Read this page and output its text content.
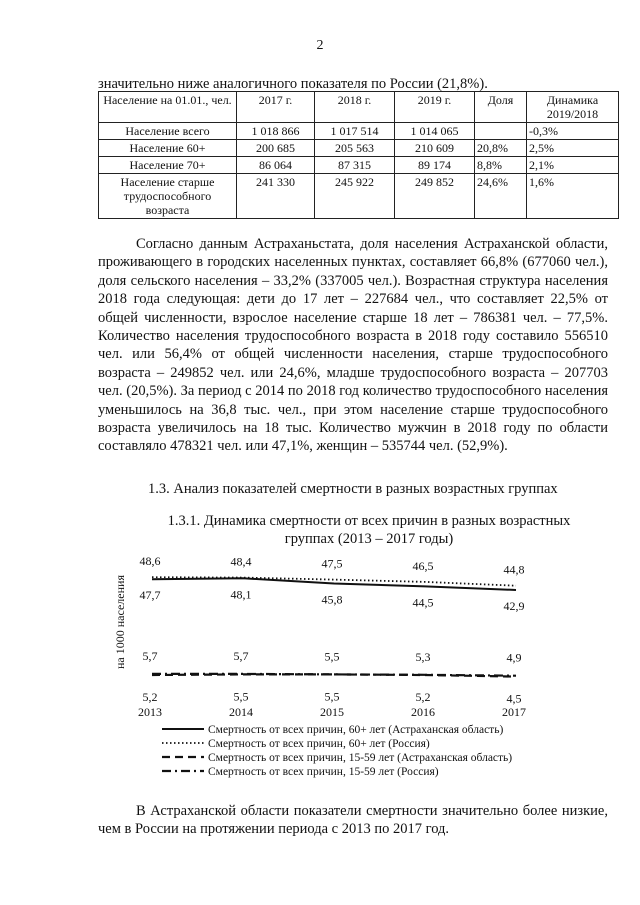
2
значительно ниже аналогичного показателя по России (21,8%).
Население на 01.01., чел.	2017 г.	2018 г.	2019 г.	Доля	Динамика 2019/2018
Население всего	1 018 866	1 017 514	1 014 065		-0,3%
Население 60+	200 685	205 563	210 609	20,8%	2,5%
Население 70+	86 064	87 315	89 174	8,8%	2,1%
Население старше трудоспособного возраста	241 330	245 922	249 852	24,6%	1,6%
Согласно данным Астраханьстата, доля населения Астраханской области, проживающего в городских населенных пунктах, составляет 66,8% (677060 чел.), доля сельского населения – 33,2% (337005 чел.). Возрастная структура населения 2018 года следующая: дети до 17 лет – 227684 чел., что составляет 22,5% от общей численности, взрослое население старше 18 лет – 786381 чел. – 77,5%. Количество населения трудоспособного возраста в 2018 году составило 556510 чел. или 56,4% от общей численности населения, старше трудоспособного возраста – 249852 чел. или 24,6%, младше трудоспособного возраста – 207703 чел. (20,5%). За период с 2014 по 2018 год количество трудоспособного населения уменьшилось на 36,8 тыс. чел., при этом население старше трудоспособного возраста увеличилось на 18 тыс. Количество мужчин в 2018 году по области составляло 478321 чел. или 47,1%, женщин – 535744 чел. (52,9%).
1.3. Анализ показателей смертности в разных возрастных группах
1.3.1. Динамика смертности от всех причин в разных возрастных группах (2013 – 2017 годы)
47,7	48,1	45,8	44,5	42,9
48,6	48,4	47,5	46,5	44,8
5,2	5,5	5,5	5,2	4,5
5,7	5,7	5,5	5,3	4,9
2013	2014	2015	2016	2017
на 1000 населения
Смертность от всех причин, 60+ лет (Астраханская область)
Смертность от всех причин, 60+ лет (Россия)
Смертность от всех причин, 15-59 лет (Астраханская область)
Смертность от всех причин, 15-59 лет (Россия)
В Астраханской области показатели смертности значительно более низкие, чем в России на протяжении периода с 2013 по 2017 год.
